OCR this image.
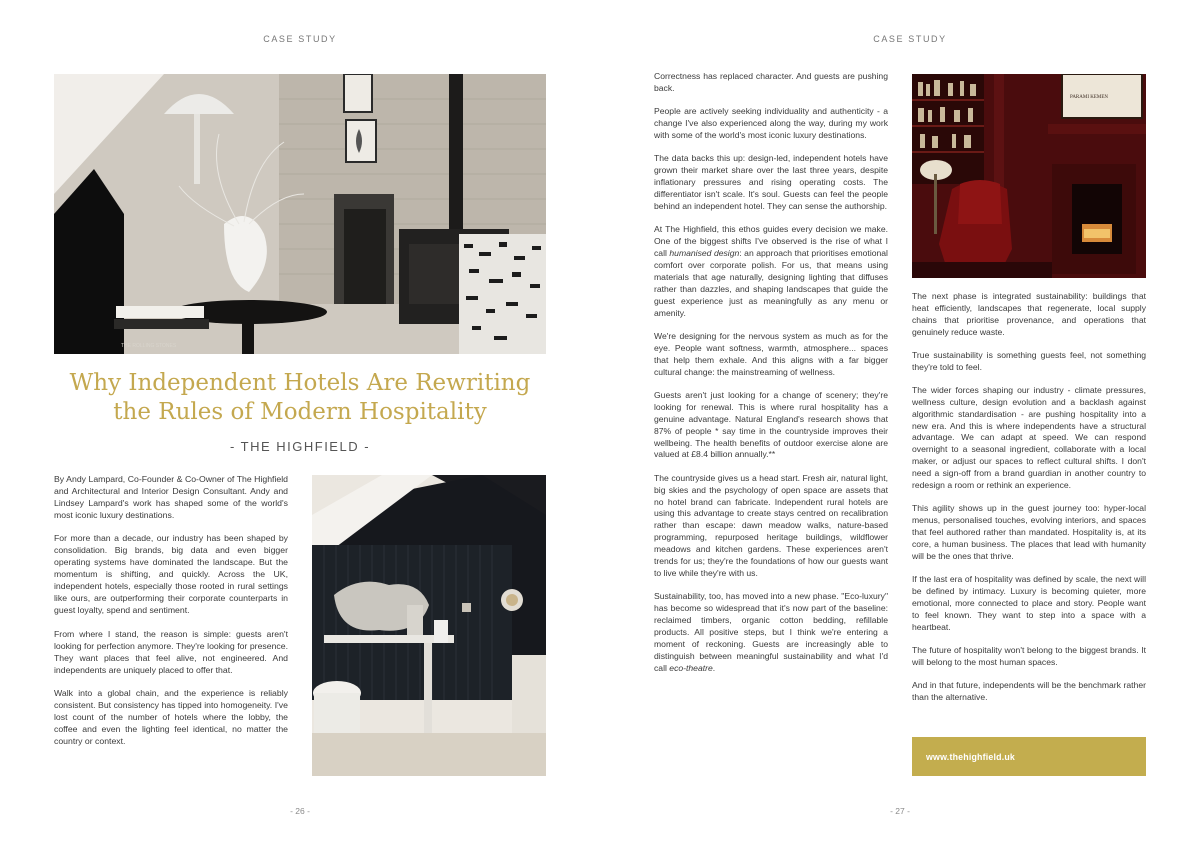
CASE STUDY
THE ROLLING STONES
Why Independent Hotels Are Rewriting
the Rules of Modern Hospitality
- THE HIGHFIELD -

By Andy Lampard, Co-Founder & Co-Owner of The Highfield and Architectural and Interior Design Consultant. Andy and Lindsey Lampard's work has shaped some of the world's most iconic luxury destinations.

For more than a decade, our industry has been shaped by consolidation. Big brands, big data and even bigger operating systems have dominated the landscape. But the momentum is shifting, and quickly. Across the UK, independent hotels, especially those rooted in rural settings like ours, are outperforming their corporate counterparts in guest loyalty, spend and sentiment.

From where I stand, the reason is simple: guests aren't looking for perfection anymore. They're looking for presence. They want places that feel alive, not engineered. And independents are uniquely placed to offer that.

Walk into a global chain, and the experience is reliably consistent. But consistency has tipped into homogeneity. I've lost count of the number of hotels where the lobby, the coffee and even the lighting feel identical, no matter the country or context.

- 26 -
CASE STUDY

Correctness has replaced character. And guests are pushing back.

People are actively seeking individuality and authenticity - a change I've also experienced along the way, during my work with some of the world's most iconic luxury destinations.

The data backs this up: design-led, independent hotels have grown their market share over the last three years, despite inflationary pressures and rising operating costs. The differentiator isn't scale. It's soul. Guests can feel the people behind an independent hotel. They can sense the authorship.

At The Highfield, this ethos guides every decision we make. One of the biggest shifts I've observed is the rise of what I call humanised design: an approach that prioritises emotional comfort over corporate polish. For us, that means using materials that age naturally, designing lighting that diffuses rather than dazzles, and shaping landscapes that guide the guest experience just as meaningfully as any menu or amenity.

We're designing for the nervous system as much as for the eye. People want softness, warmth, atmosphere... spaces that help them exhale. And this aligns with a far bigger cultural change: the mainstreaming of wellness.

Guests aren't just looking for a change of scenery; they're looking for renewal. This is where rural hospitality has a genuine advantage. Natural England's research shows that 87% of people * say time in the countryside improves their wellbeing. The health benefits of outdoor exercise alone are valued at £8.4 billion annually.**

The countryside gives us a head start. Fresh air, natural light, big skies and the psychology of open space are assets that no hotel brand can fabricate. Independent rural hotels are using this advantage to create stays centred on recalibration rather than escape: dawn meadow walks, nature-based programming, repurposed heritage buildings, wildflower meadows and kitchen gardens. These experiences aren't trends for us; they're the foundations of how our guests want to live while they're with us.

Sustainability, too, has moved into a new phase. "Eco-luxury" has become so widespread that it's now part of the baseline: reclaimed timbers, organic cotton bedding, refillable products. All positive steps, but I think we're entering a moment of reckoning. Guests are increasingly able to distinguish between meaningful sustainability and what I'd call eco-theatre.

PARAMI KEMEN

The next phase is integrated sustainability: buildings that heat efficiently, landscapes that regenerate, local supply chains that prioritise provenance, and operations that genuinely reduce waste.

True sustainability is something guests feel, not something they're told to feel.

The wider forces shaping our industry - climate pressures, wellness culture, design evolution and a backlash against algorithmic standardisation - are pushing hospitality into a new era. And this is where independents have a structural advantage. We can adapt at speed. We can respond overnight to a seasonal ingredient, collaborate with a local maker, or adjust our spaces to reflect cultural shifts. I don't need a sign-off from a brand guardian in another country to redesign a room or rethink an experience.

This agility shows up in the guest journey too: hyper-local menus, personalised touches, evolving interiors, and spaces that feel authored rather than mandated. Hospitality is, at its core, a human business. The places that lead with humanity will be the ones that thrive.

If the last era of hospitality was defined by scale, the next will be defined by intimacy. Luxury is becoming quieter, more emotional, more connected to place and story. People want to feel known. They want to step into a space with a heartbeat.

The future of hospitality won't belong to the biggest brands. It will belong to the most human spaces.

And in that future, independents will be the benchmark rather than the alternative.

www.thehighfield.uk
- 27 -
